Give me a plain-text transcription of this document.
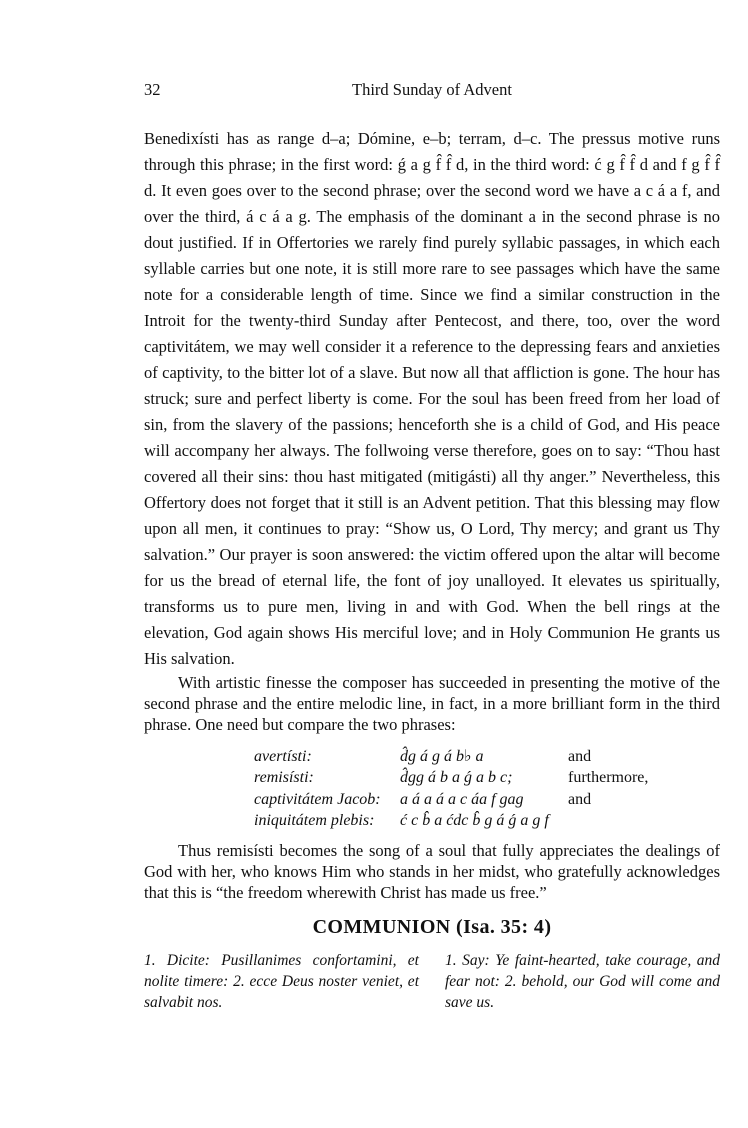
32	Third Sunday of Advent

Benedixísti has as range d–a; Dómine, e–b; terram, d–c. The pressus motive runs through this phrase; in the first word: ǵ a g f̂ f̂ d, in the third word: ć g f̂ f̂ d and f g f̂ f̂ d. It even goes over to the second phrase; over the second word we have a c á a f, and over the third, á c á a g. The emphasis of the dominant a in the second phrase is no dout justified. If in Offertories we rarely find purely syllabic passages, in which each syllable carries but one note, it is still more rare to see passages which have the same note for a considerable length of time. Since we find a similar construction in the Introit for the twenty-third Sunday after Pentecost, and there, too, over the word captivitátem, we may well consider it a reference to the depressing fears and anxieties of captivity, to the bitter lot of a slave. But now all that affliction is gone. The hour has struck; sure and perfect liberty is come. For the soul has been freed from her load of sin, from the slavery of the passions; henceforth she is a child of God, and His peace will accompany her always. The follwoing verse therefore, goes on to say: “Thou hast covered all their sins: thou hast mitigated (mitigásti) all thy anger.” Nevertheless, this Offertory does not forget that it still is an Advent petition. That this blessing may flow upon all men, it continues to pray: “Show us, O Lord, Thy mercy; and grant us Thy salvation.” Our prayer is soon answered: the victim offered upon the altar will become for us the bread of eternal life, the font of joy unalloyed. It elevates us spiritually, transforms us to pure men, living in and with God. When the bell rings at the elevation, God again shows His merciful love; and in Holy Communion He grants us His salvation.

With artistic finesse the composer has succeeded in presenting the motive of the second phrase and the entire melodic line, in fact, in a more brilliant form in the third phrase. One need but compare the two phrases:

avertísti:	d̂g á g á b♭ a	and
remisísti:	d̂gg á b a ǵ a b c;	furthermore,
captivitátem Jacob:	a á a á a c áa f gag	and
iniquitátem plebis:	ć c b̂ a ćdc b̂ g á ǵ a g f

Thus remisísti becomes the song of a soul that fully appreciates the dealings of God with her, who knows Him who stands in her midst, who gratefully acknowledges that this is “the freedom wherewith Christ has made us free.”

COMMUNION (Isa. 35: 4)
1. Dicite: Pusillanimes confortamini, et nolite timere: 2. ecce Deus noster veniet, et salvabit nos.
1. Say: Ye faint-hearted, take courage, and fear not: 2. behold, our God will come and save us.
